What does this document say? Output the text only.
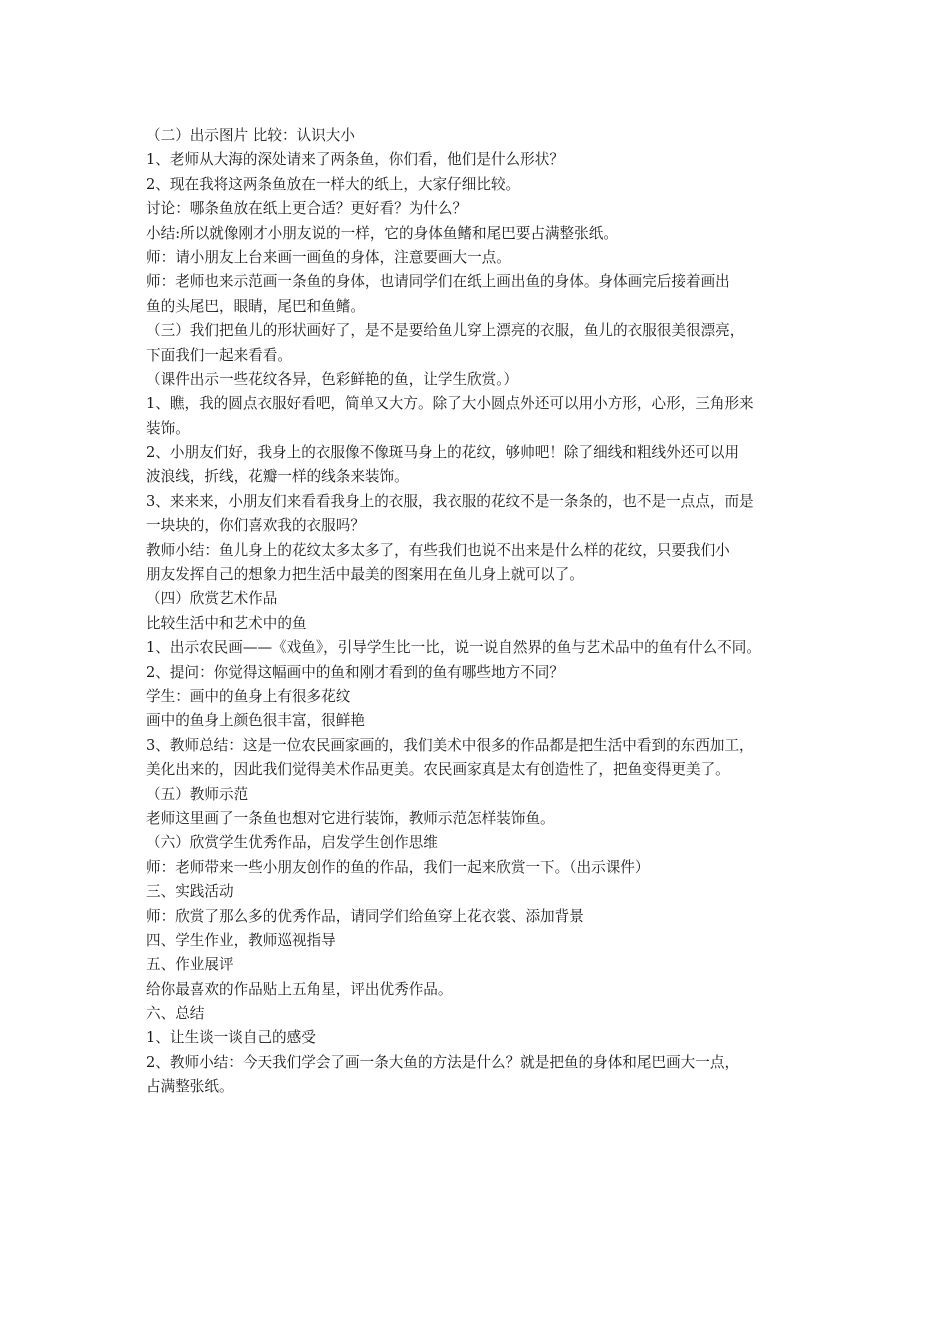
（二）出示图片 比较：认识大小
1、老师从大海的深处请来了两条鱼，你们看，他们是什么形状？
2、现在我将这两条鱼放在一样大的纸上，大家仔细比较。
讨论：哪条鱼放在纸上更合适？更好看？为什么？
小结:所以就像刚才小朋友说的一样，它的身体鱼鳍和尾巴要占满整张纸。
师：请小朋友上台来画一画鱼的身体，注意要画大一点。
师：老师也来示范画一条鱼的身体，也请同学们在纸上画出鱼的身体。身体画完后接着画出
鱼的头尾巴，眼睛，尾巴和鱼鳍。
（三）我们把鱼儿的形状画好了，是不是要给鱼儿穿上漂亮的衣服，鱼儿的衣服很美很漂亮，
下面我们一起来看看。
（课件出示一些花纹各异，色彩鲜艳的鱼，让学生欣赏。）
1、瞧，我的圆点衣服好看吧，简单又大方。除了大小圆点外还可以用小方形，心形，三角形来
装饰。
2、小朋友们好，我身上的衣服像不像斑马身上的花纹，够帅吧！除了细线和粗线外还可以用
波浪线，折线，花瓣一样的线条来装饰。
3、来来来，小朋友们来看看我身上的衣服，我衣服的花纹不是一条条的，也不是一点点，而是
一块块的，你们喜欢我的衣服吗？
教师小结：鱼儿身上的花纹太多太多了，有些我们也说不出来是什么样的花纹，只要我们小
朋友发挥自己的想象力把生活中最美的图案用在鱼儿身上就可以了。
（四）欣赏艺术作品
比较生活中和艺术中的鱼
1、出示农民画——《戏鱼》，引导学生比一比，说一说自然界的鱼与艺术品中的鱼有什么不同。
2、提问：你觉得这幅画中的鱼和刚才看到的鱼有哪些地方不同？
学生：画中的鱼身上有很多花纹
画中的鱼身上颜色很丰富，很鲜艳
3、教师总结：这是一位农民画家画的，我们美术中很多的作品都是把生活中看到的东西加工，
美化出来的，因此我们觉得美术作品更美。农民画家真是太有创造性了，把鱼变得更美了。
（五）教师示范
老师这里画了一条鱼也想对它进行装饰，教师示范怎样装饰鱼。
（六）欣赏学生优秀作品，启发学生创作思维
师：老师带来一些小朋友创作的鱼的作品，我们一起来欣赏一下。（出示课件）
三、实践活动
师：欣赏了那么多的优秀作品，请同学们给鱼穿上花衣裳、添加背景
四、学生作业，教师巡视指导
五、作业展评
给你最喜欢的作品贴上五角星，评出优秀作品。
六、总结
1、让生谈一谈自己的感受
2、教师小结：今天我们学会了画一条大鱼的方法是什么？就是把鱼的身体和尾巴画大一点，
占满整张纸。
